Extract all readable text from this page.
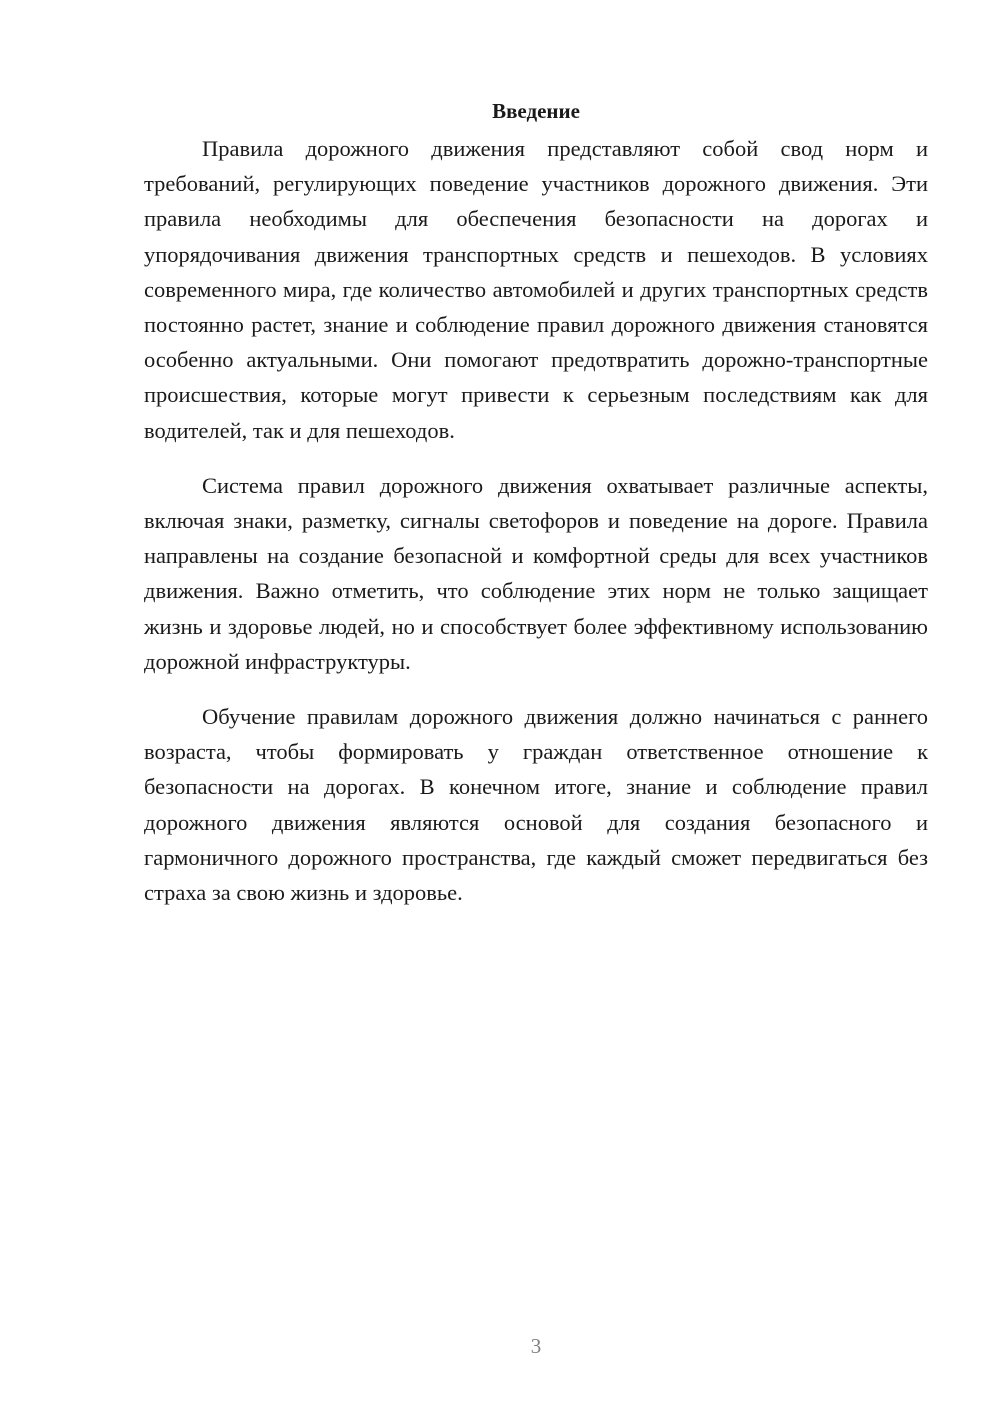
Введение

Правила дорожного движения представляют собой свод норм и требований, регулирующих поведение участников дорожного движения. Эти правила необходимы для обеспечения безопасности на дорогах и упорядочивания движения транспортных средств и пешеходов. В условиях современного мира, где количество автомобилей и других транспортных средств постоянно растет, знание и соблюдение правил дорожного движения становятся особенно актуальными. Они помогают предотвратить дорожно-транспортные происшествия, которые могут привести к серьезным последствиям как для водителей, так и для пешеходов.

Система правил дорожного движения охватывает различные аспекты, включая знаки, разметку, сигналы светофоров и поведение на дороге. Правила направлены на создание безопасной и комфортной среды для всех участников движения. Важно отметить, что соблюдение этих норм не только защищает жизнь и здоровье людей, но и способствует более эффективному использованию дорожной инфраструктуры.

Обучение правилам дорожного движения должно начинаться с раннего возраста, чтобы формировать у граждан ответственное отношение к безопасности на дорогах. В конечном итоге, знание и соблюдение правил дорожного движения являются основой для создания безопасного и гармоничного дорожного пространства, где каждый сможет передвигаться без страха за свою жизнь и здоровье.

3
